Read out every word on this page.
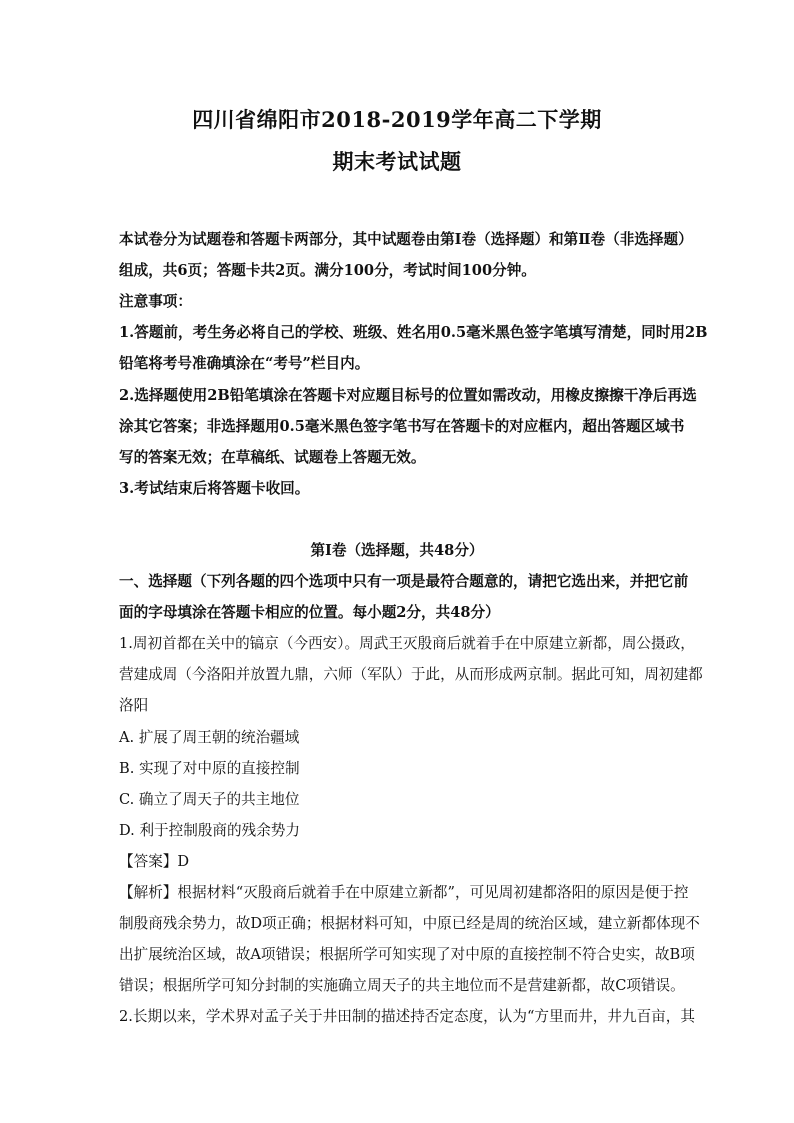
四川省绵阳市2018-2019学年高二下学期
期末考试试题
本试卷分为试题卷和答题卡两部分，其中试题卷由第Ⅰ卷（选择题）和第Ⅱ卷（非选择题）
组成，共6页；答题卡共2页。满分100分，考试时间100分钟。
注意事项：
1.答题前，考生务必将自己的学校、班级、姓名用0.5毫米黑色签字笔填写清楚，同时用2B
铅笔将考号准确填涂在“考号”栏目内。
2.选择题使用2B铅笔填涂在答题卡对应题目标号的位置如需改动，用橡皮擦擦干净后再选
涂其它答案；非选择题用0.5毫米黑色签字笔书写在答题卡的对应框内，超出答题区域书
写的答案无效；在草稿纸、试题卷上答题无效。
3.考试结束后将答题卡收回。
第Ⅰ卷（选择题，共48分）
一、选择题（下列各题的四个选项中只有一项是最符合题意的，请把它选出来，并把它前
面的字母填涂在答题卡相应的位置。每小题2分，共48分）
1.周初首都在关中的镐京（今西安）。周武王灭殷商后就着手在中原建立新都，周公摄政，
营建成周（今洛阳并放置九鼎，六师（军队）于此，从而形成两京制。据此可知，周初建都
洛阳
A. 扩展了周王朝的统治疆域
B. 实现了对中原的直接控制
C. 确立了周天子的共主地位
D. 利于控制殷商的残余势力
【答案】D
【解析】根据材料“灭殷商后就着手在中原建立新都”，可见周初建都洛阳的原因是便于控
制殷商残余势力，故D项正确；根据材料可知，中原已经是周的统治区域，建立新都体现不
出扩展统治区域，故A项错误；根据所学可知实现了对中原的直接控制不符合史实，故B项
错误；根据所学可知分封制的实施确立周天子的共主地位而不是营建新都，故C项错误。
2.长期以来，学术界对孟子关于井田制的描述持否定态度，认为“方里而井，井九百亩，其
